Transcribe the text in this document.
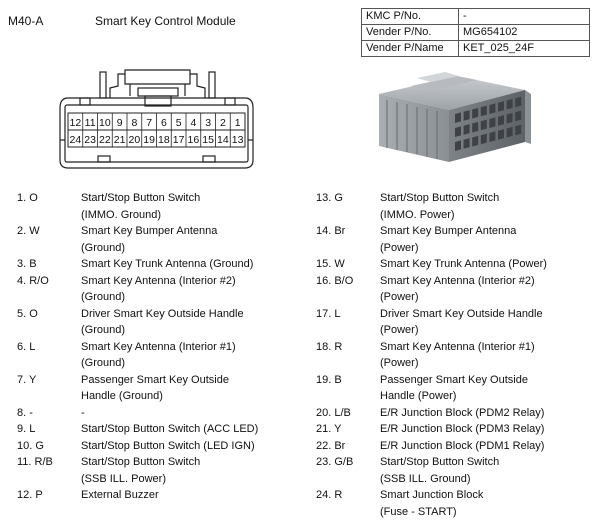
M40-A	Smart Key Control Module	KMC P/No.	-
Vender P/No.	MG654102
Vender P/Name	KET_025_24F
12 11 10 9 8 7 6 5 4 3 2 1
24 23 22 21 20 19 18 17 16 15 14 13
1. O	Start/Stop Button Switch
(IMMO. Ground)
2. W	Smart Key Bumper Antenna
(Ground)
3. B	Smart Key Trunk Antenna (Ground)
4. R/O	Smart Key Antenna (Interior #2)
(Ground)
5. O	Driver Smart Key Outside Handle
(Ground)
6. L	Smart Key Antenna (Interior #1)
(Ground)
7. Y	Passenger Smart Key Outside
Handle (Ground)
8. -	-
9. L	Start/Stop Button Switch (ACC LED)
10. G	Start/Stop Button Switch (LED IGN)
11. R/B	Start/Stop Button Switch
(SSB ILL. Power)
12. P	External Buzzer
13. G	Start/Stop Button Switch
(IMMO. Power)
14. Br	Smart Key Bumper Antenna
(Power)
15. W	Smart Key Trunk Antenna (Power)
16. B/O Smart Key Antenna (Interior #2)
(Power)
17. L	Driver Smart Key Outside Handle
(Power)
18. R	Smart Key Antenna (Interior #1)
(Power)
19. B	Passenger Smart Key Outside
Handle (Power)
20. L/B	E/R Junction Block (PDM2 Relay)
21. Y	E/R Junction Block (PDM3 Relay)
22. Br	E/R Junction Block (PDM1 Relay)
23. G/B Start/Stop Button Switch
(SSB ILL. Ground)
24. R	Smart Junction Block
(Fuse - START)
